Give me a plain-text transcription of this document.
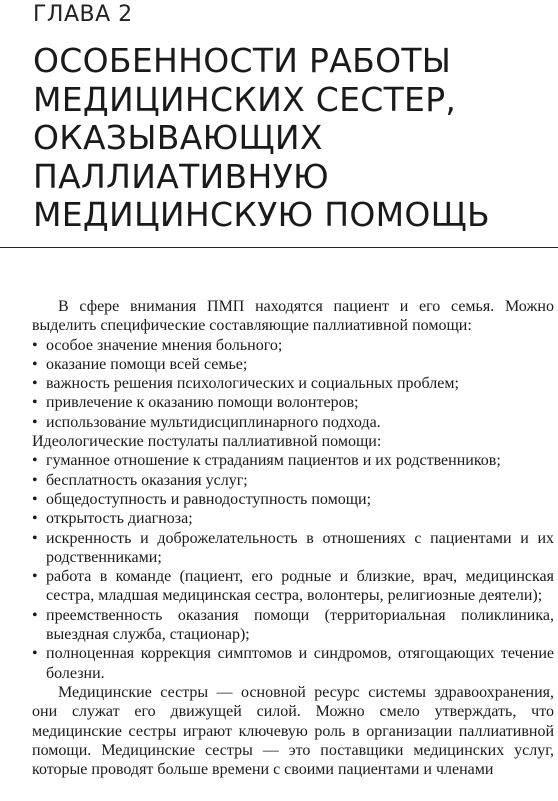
ГЛАВА 2
ОСОБЕННОСТИ РАБОТЫ
МЕДИЦИНСКИХ СЕСТЕР,
ОКАЗЫВАЮЩИХ
ПАЛЛИАТИВНУЮ
МЕДИЦИНСКУЮ ПОМОЩЬ

В сфере внимания ПМП находятся пациент и его семья. Можно выделить специфические составляющие паллиативной помощи:

• особое значение мнения больного;
• оказание помощи всей семье;
• важность решения психологических и социальных проблем;
• привлечение к оказанию помощи волонтеров;
• использование мультидисциплинарного подхода.

Идеологические постулаты паллиативной помощи:

• гуманное отношение к страданиям пациентов и их родственников;
• бесплатность оказания услуг;
• общедоступность и равнодоступность помощи;
• открытость диагноза;
• искренность и доброжелательность в отношениях с пациентами и их родственниками;
• работа в команде (пациент, его родные и близкие, врач, медицинская сестра, младшая медицинская сестра, волонтеры, религиозные деятели);
• преемственность оказания помощи (территориальная поликлиника, выездная служба, стационар);
• полноценная коррекция симптомов и синдромов, отягощающих течение болезни.

Медицинские сестры — основной ресурс системы здравоохранения, они служат его движущей силой. Можно смело утверждать, что медицинские сестры играют ключевую роль в организации паллиативной помощи. Медицинские сестры — это поставщики медицинских услуг, которые проводят больше времени с своими пациентами и членами
